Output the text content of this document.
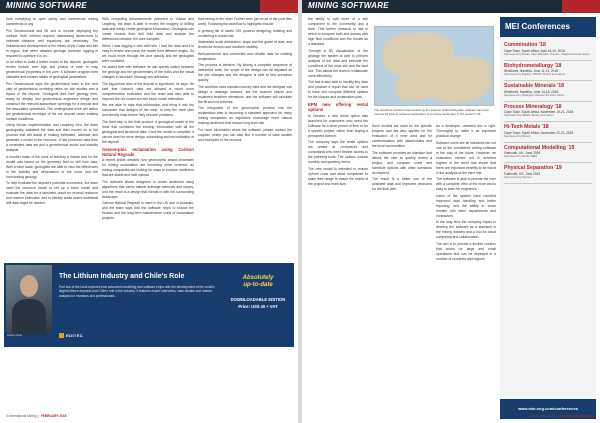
MINING SOFTWARE

both complying to open policy and commercial mining commercial or org.

Pini Geostructural and MI and to include deploying trip method. Both method requires maintaining dimensions to estimate distance and equations are necessary. The industrial and development of the mines of the Coast and this in region, that when detailed geologic borehole logging is required to optimize it is on.

In an effort to build a better model of the deposit, geologists review historic core logs and photos of each to map geotechnical properties in the core. A software program then validates and creates tables of geological parameters.

Pini Geostructural says the geotechnical team in the next step of geotechnical modeling relies on site studies and a layout of the deposit. Geologists add their geology then, ready for display and geotechnical engineers design and construct the relevant subsurface openings for a deposit and the associated operations. The underground mine will define the geotechnical envelope of the ore deposit under existing surface conditions.

Using Vulcan Implementation and Leapfrog Geo, the team geologically validated the data and then moved on to the process that will assist in making estimates, calibrate and generate a model in the resource. It has produced data from a consistent data set and a geotechnical model and stability analysis.

A number basis of the work of building a Vulcan fold for the model was based on the geometry and on drill hole data. With a mine scale, geologists are able to view the differences in the stability and deformation of the rocks and the surrounding geology.

To help evaluate the deposit's potential economics, the team used the resource model to set up a block model and evaluate the data for a tabulated result for mineral resource and reserve estimates, and to identify areas where additional drill data might be needed.

With computing advancements delivered to Vulcan and Leapfrog, the team is able to review the imagery of drilling data and easily create geological information. Geologists can create models from drill hole data and analyse the differences between the core samples.

When I was digging a new drill hole, I had the data and it is easy to review and check the model from different angles. So we could move through the core quickly and the geologists were confident.

He added that with software he can quickly switch between the geology and the geochemistry of the rocks and the visual changes in structure, lithology and alteration.

The big-picture view of the deposit is significant, he says. He said that Vulcan's data set allowed a much more comprehensive evaluation and the team was also able to improve the ore model and the block model estimation.

We are able to take that information and bring it into the schedules and designs of the mine, to help the mine plan and identify risks before they become problems.

The third step is the final product: a geological model of the mine that combines the existing information with all the geological and structural data. Once the model is complete, it can be used for mine design, scheduling and reconciliation of the deposit.

Geomorphic reclamation using Carlson Natural Regrade

A recent article detailed how geomorphic based processes for mining reclamation are becoming more common, as mining companies are looking for ways to produce landforms that are stable and look natural.

The software allows designers to create landforms using algorithms that mimic natural drainage networks and slopes, and the result is a design that blends in with the surrounding landscape.

Carlson Natural Regrade is used in the US and in Australia, and the team says that the software helps to reduce the erosion and the long-term maintenance costs of reclamation projects.

that mining of the other Further work (as on as of the post files work). Following the workflow to highlights include:

A growing list of useful GIS process designing, building and monitoring a closed site.

Watershed scale delineation, slope and the grade of land, and terrain for erosion and landform stability.

Well-performed and connected and reliable data for existing reclamation.

The process is iterative. By linking a complete sequence of interactive tools, the scope of the design can be adjusted as the site changes and the designer is able to test scenarios quickly.

The workflow uses standard survey data and the designer can design a drainage network, set the channel slopes and reclaimed landform elevations, and the software will calculate the fill and cut volumes.

The integration of the geomorphic process into the reclamation plan is becoming a standard approach for many mining companies as regulators encourage more natural looking landforms that reduce long-term risk.

For more information about the software, please contact the supplier, where you can also find a number of case studies and examples of the process.

Author photo
The Lithium Industry and Chile's Role
Part two of the book explores how advanced modelling and software helps with the development of the world's largest lithium deposits and Chile's role in the industry. It features expert interviews, case studies and market analysis for investors and professionals.
EDITEC
Absolutely
up-to-date
DOWNLOADABLE EDITION
Price: US$ 40 + VAT
4 International Mining  |  FEBRUARY 2018
MINING SOFTWARE

the ability to add more of a site component to the community and a level. This further research to use in which to compare both and assess with high flow conditions and the results as a standard.

Through a 3D visualization of the geology the system is able to perform analysis of the data and estimate the conditions of the mine site and the land use. This allows the team to collaborate more effectively.

The tool is also able to identify key risks and produce a report that can be used to track and compare different options for the closure and reclamation plan.

EPM new offering rental options

In October, a new rental option was launched for customers who need the software for a short period of time or for a specific project, rather than buying a permanent licence.

The company says the rental options are aimed at contractors and consultants who need flexible access to the planning tools. The options include monthly and quarterly terms.

The new model is intended to reduce upfront costs and allow companies to scale their usage to match the needs of the project and team size.

The GeoFlow method implemented by the Carlson Natural Regrade software has been used at 16 sites to achieve reclamation of a mining landscape in the western US.

Such models are used for the specific projects and are also applied for the evaluation of a mine area and for communication with stakeholders and the local communities.

The software provides an interface that allows the user to quickly review a project, and compare costs and schedule options with other scenarios as required.

The result is a better use of the available data and improved decisions for the final plan.

As a developer, research this is right. Thoroughly to make it an important practical change.

Software users are all industries but not one of the considered cutting software in the way of the future. However, an evaluation carried out in selected regions of the world has shown that there are important benefits to be found in the analysis of the mine site.

The software is able to provide the user with a complete view of the mine and is easy to learn for engineers.

Users of the system have reported improved data handling and better reporting, and the ability to share models with other departments and contractors.

In the long term the company hopes to develop the software as a standard in the mining industry and a tool for cloud computing and collaboration.

The aim is to provide a flexible solution that works for large and small operations and can be deployed in a number of countries and regions.

MEI Conferences
Comminution '18
Cape Town, South Africa, April 16-19, 2018
Sponsored by Metso, Weir Minerals, Outotec, Magotteaux and others
Biohydrometallurgy '18
Windhoek, Namibia, June 11-13, 2018
Sponsored by Boliden, BRGM, Mintek and others
Sustainable Minerals '18
Windhoek, Namibia, June 14-15, 2018
Sponsored by Maelgwyn Mineral Services Africa
Process Mineralogy '18
Cape Town, South Africa, November 19-21, 2018
Sponsored by ZEISS, Bruker and others
Hi-Tech Metals '18
Cape Town, South Africa, November 22-23, 2018
Sponsored by Mintek
Computational Modelling '19
Falmouth, UK, June 2019
Sponsored by Rocky DEM
Physical Separation '19
Falmouth, UK, June 2019
Sponsored by Steinert
www.min-eng.com/conferences
FEBRUARY 2018  |  International Mining 11
